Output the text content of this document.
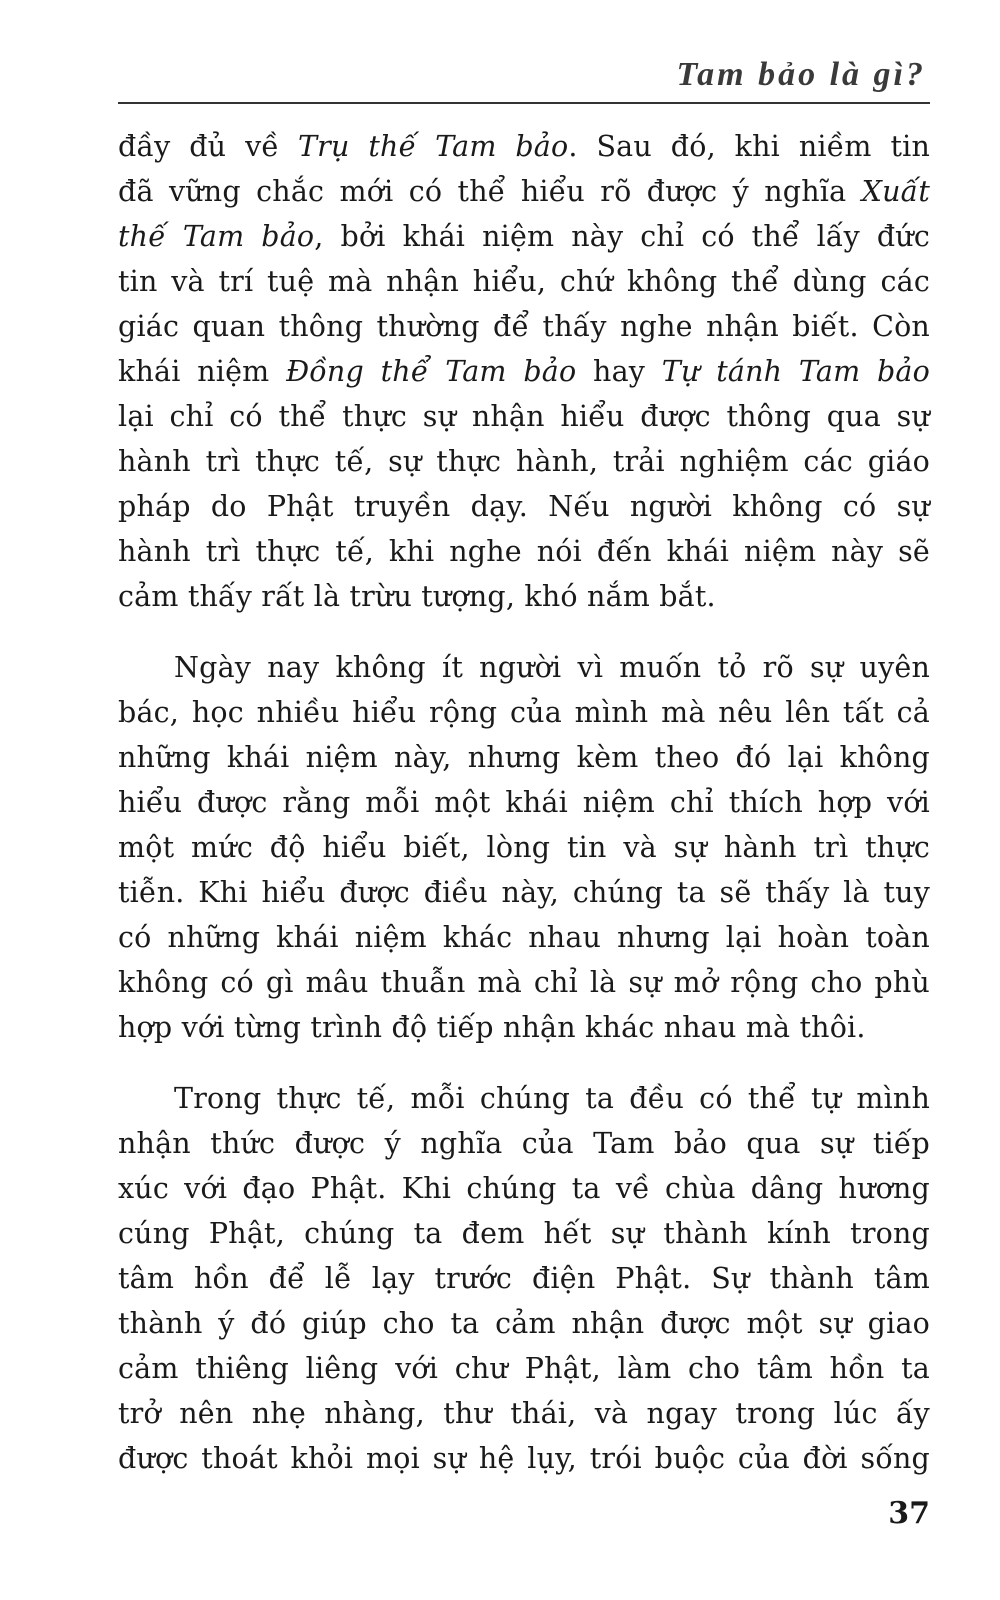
Tam bảo là gì?

đầy đủ về Trụ thế Tam bảo. Sau đó, khi niềm tin
đã vững chắc mới có thể hiểu rõ được ý nghĩa Xuất
thế Tam bảo, bởi khái niệm này chỉ có thể lấy đức
tin và trí tuệ mà nhận hiểu, chứ không thể dùng các
giác quan thông thường để thấy nghe nhận biết. Còn
khái niệm Đồng thể Tam bảo hay Tự tánh Tam bảo
lại chỉ có thể thực sự nhận hiểu được thông qua sự
hành trì thực tế, sự thực hành, trải nghiệm các giáo
pháp do Phật truyền dạy. Nếu người không có sự
hành trì thực tế, khi nghe nói đến khái niệm này sẽ
cảm thấy rất là trừu tượng, khó nắm bắt.

Ngày nay không ít người vì muốn tỏ rõ sự uyên
bác, học nhiều hiểu rộng của mình mà nêu lên tất cả
những khái niệm này, nhưng kèm theo đó lại không
hiểu được rằng mỗi một khái niệm chỉ thích hợp với
một mức độ hiểu biết, lòng tin và sự hành trì thực
tiễn. Khi hiểu được điều này, chúng ta sẽ thấy là tuy
có những khái niệm khác nhau nhưng lại hoàn toàn
không có gì mâu thuẫn mà chỉ là sự mở rộng cho phù
hợp với từng trình độ tiếp nhận khác nhau mà thôi.

Trong thực tế, mỗi chúng ta đều có thể tự mình
nhận thức được ý nghĩa của Tam bảo qua sự tiếp
xúc với đạo Phật. Khi chúng ta về chùa dâng hương
cúng Phật, chúng ta đem hết sự thành kính trong
tâm hồn để lễ lạy trước điện Phật. Sự thành tâm
thành ý đó giúp cho ta cảm nhận được một sự giao
cảm thiêng liêng với chư Phật, làm cho tâm hồn ta
trở nên nhẹ nhàng, thư thái, và ngay trong lúc ấy
được thoát khỏi mọi sự hệ lụy, trói buộc của đời sống

37
